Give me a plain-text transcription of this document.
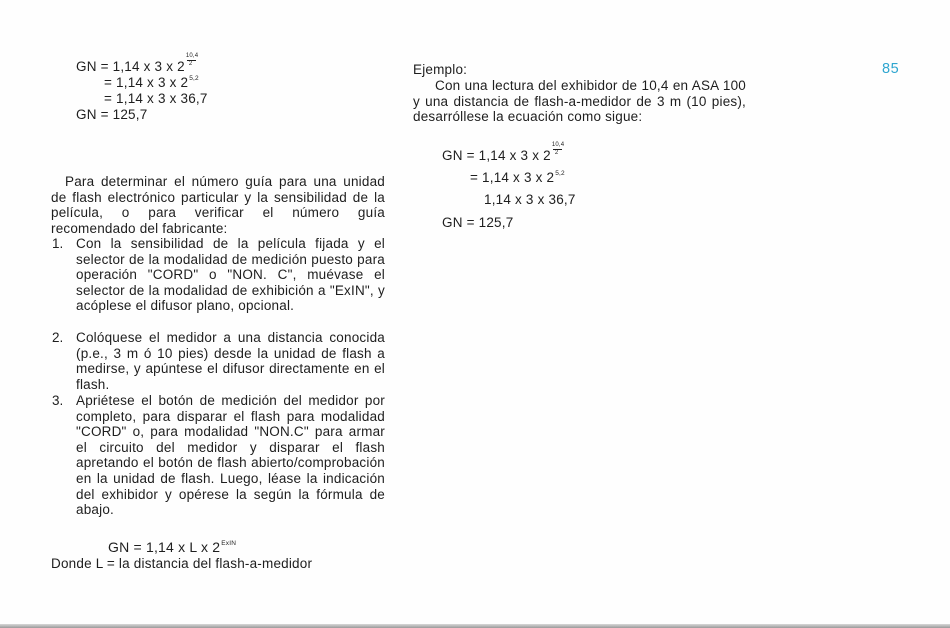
GN = 1,14 x 3 x $2 \frac{10,4}{2}$
= 1,14 x 3 x $2^{5,2}$
= 1,14 x 3 x 36,7
GN = 125,7
Para determinar el número guía para una unidad de flash electrónico particular y la sensibilidad de la película, o para verificar el número guía recomendado del fabricante:
1. Con la sensibilidad de la película fijada y el selector de la modalidad de medición puesto para operación "CORD" o "NON. C", muévase el selector de la modalidad de exhibición a "ExIN", y acóplese el difusor plano, opcional.
2. Colóquese el medidor a una distancia conocida (p.e., 3 m ó 10 pies) desde la unidad de flash a medirse, y apúntese el difusor directamente en el flash.
3. Apriétese el botón de medición del medidor por completo, para disparar el flash para modalidad "CORD" o, para modalidad "NON.C" para armar el circuito del medidor y disparar el flash apretando el botón de flash abierto/comprobación en la unidad de flash. Luego, léase la indicación del exhibidor y opérese la según la fórmula de abajo.
GN = 1,14 x L x $2^{ExIN}$
Donde L = la distancia del flash-a-medidor
Ejemplo:
Con una lectura del exhibidor de 10,4 en ASA 100 y una distancia de flash-a-medidor de 3 m (10 pies), desarróllese la ecuación como sigue:
GN = 1,14 x 3 x $2 \frac{10,4}{2}$
= 1,14 x 3 x 2$^{5,2}$
1,14 x 3 x 36,7
GN = 125,7
85
